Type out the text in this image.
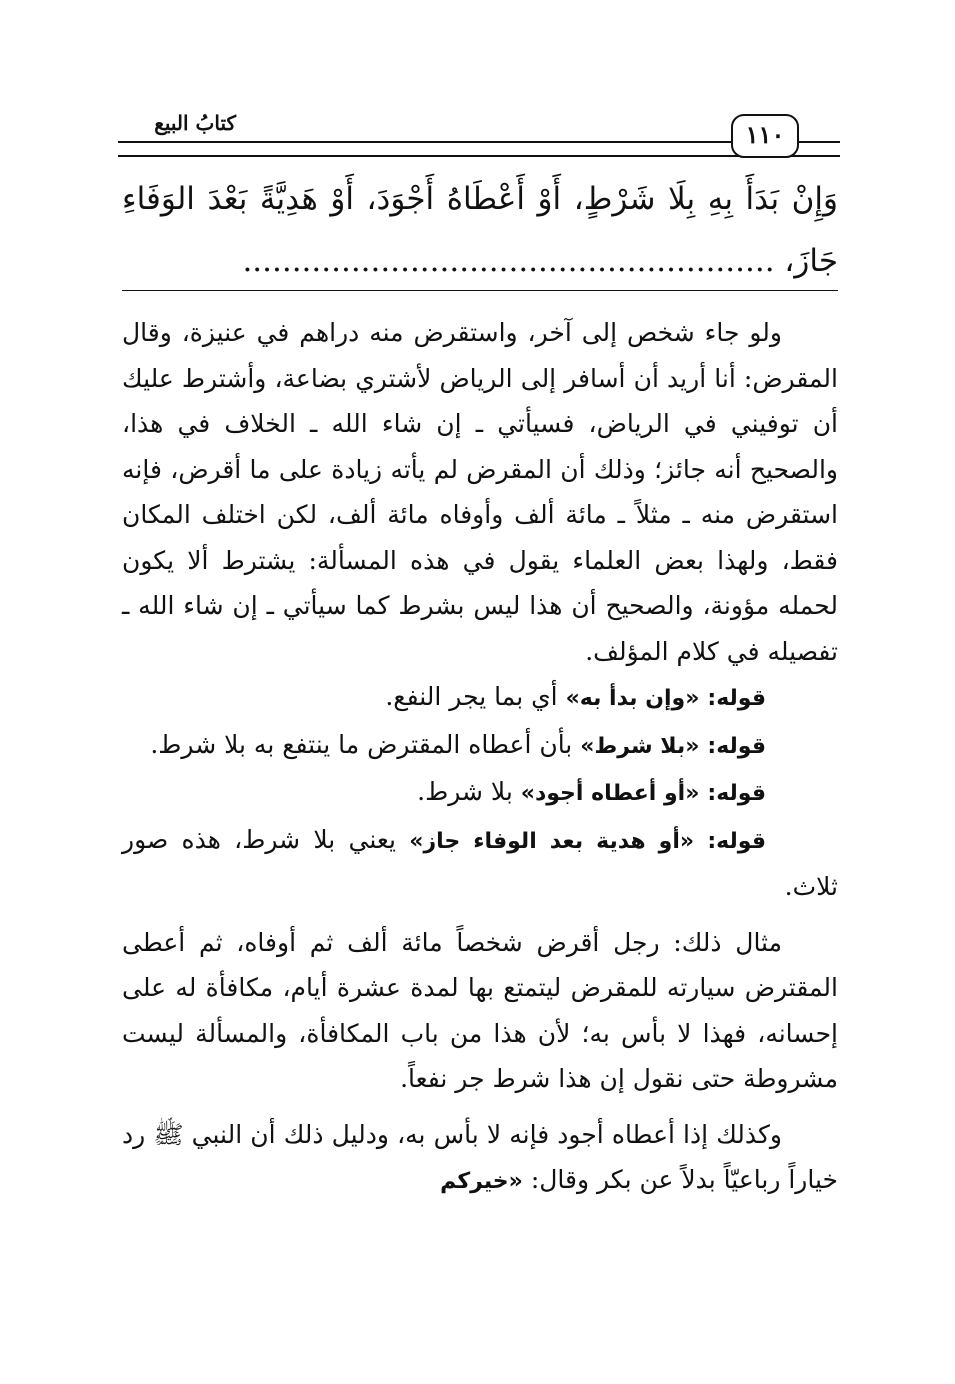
١١٠
كتابُ البيع

وَإِنْ بَدَأَ بِهِ بِلَا شَرْطٍ، أَوْ أَعْطَاهُ أَجْوَدَ، أَوْ هَدِيَّةً بَعْدَ الوَفَاءِ جَازَ، ......................................................

ولو جاء شخص إلى آخر، واستقرض منه دراهم في عنيزة، وقال المقرض: أنا أريد أن أسافر إلى الرياض لأشتري بضاعة، وأشترط عليك أن توفيني في الرياض، فسيأتي ـ إن شاء الله ـ الخلاف في هذا، والصحيح أنه جائز؛ وذلك أن المقرض لم يأته زيادة على ما أقرض، فإنه استقرض منه ـ مثلاً ـ مائة ألف وأوفاه مائة ألف، لكن اختلف المكان فقط، ولهذا بعض العلماء يقول في هذه المسألة: يشترط ألا يكون لحمله مؤونة، والصحيح أن هذا ليس بشرط كما سيأتي ـ إن شاء الله ـ تفصيله في كلام المؤلف.

قوله: «وإن بدأ به» أي بما يجر النفع.

قوله: «بلا شرط» بأن أعطاه المقترض ما ينتفع به بلا شرط.

قوله: «أو أعطاه أجود» بلا شرط.

قوله: «أو هدية بعد الوفاء جاز» يعني بلا شرط، هذه صور ثلاث.

مثال ذلك: رجل أقرض شخصاً مائة ألف ثم أوفاه، ثم أعطى المقترض سيارته للمقرض ليتمتع بها لمدة عشرة أيام، مكافأة له على إحسانه، فهذا لا بأس به؛ لأن هذا من باب المكافأة، والمسألة ليست مشروطة حتى نقول إن هذا شرط جر نفعاً.

وكذلك إذا أعطاه أجود فإنه لا بأس به، ودليل ذلك أن النبي ﷺ رد خياراً رباعيّاً بدلاً عن بكر وقال: «خيركم
